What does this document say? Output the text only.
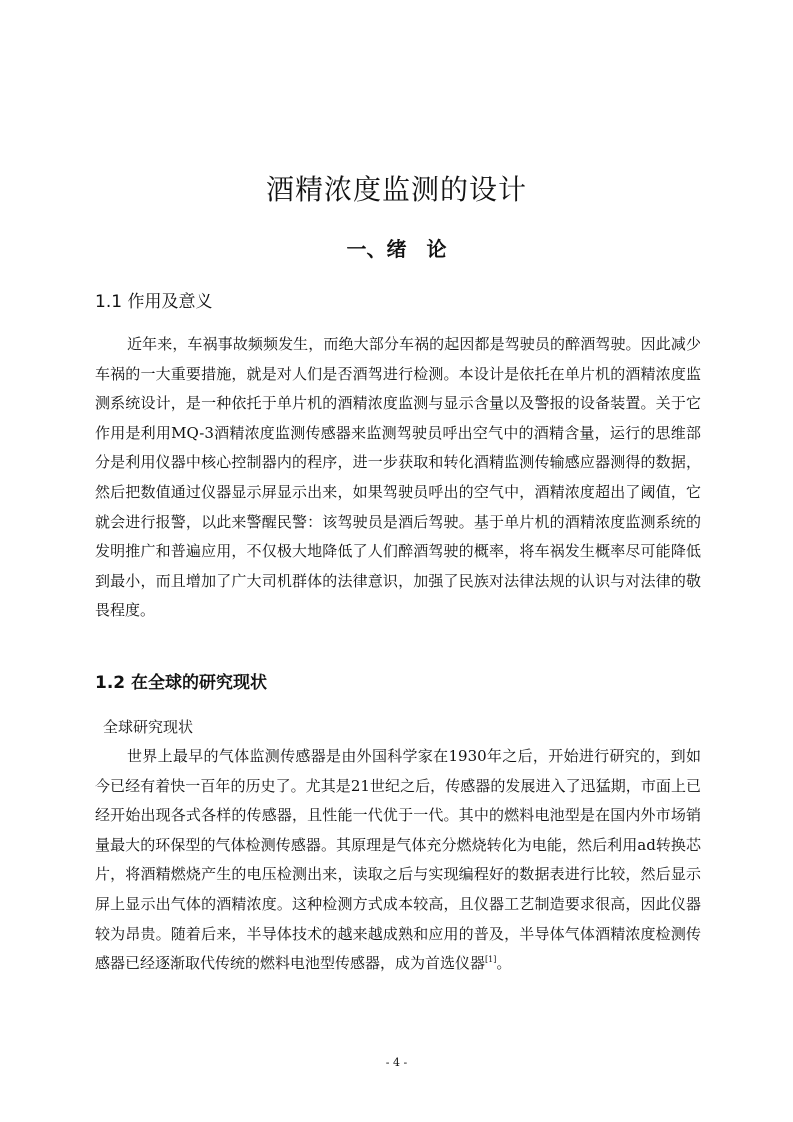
酒精浓度监测的设计
一、绪　论
1.1 作用及意义

近年来，车祸事故频频发生，而绝大部分车祸的起因都是驾驶员的醉酒驾驶。因此减少车祸的一大重要措施，就是对人们是否酒驾进行检测。本设计是依托在单片机的酒精浓度监测系统设计，是一种依托于单片机的酒精浓度监测与显示含量以及警报的设备装置。关于它作用是利用MQ-3酒精浓度监测传感器来监测驾驶员呼出空气中的酒精含量，运行的思维部分是利用仪器中核心控制器内的程序，进一步获取和转化酒精监测传输感应器测得的数据，然后把数值通过仪器显示屏显示出来，如果驾驶员呼出的空气中，酒精浓度超出了阈值，它就会进行报警，以此来警醒民警：该驾驶员是酒后驾驶。基于单片机的酒精浓度监测系统的发明推广和普遍应用，不仅极大地降低了人们醉酒驾驶的概率，将车祸发生概率尽可能降低到最小，而且增加了广大司机群体的法律意识，加强了民族对法律法规的认识与对法律的敬畏程度。

1.2 在全球的研究现状

全球研究现状

世界上最早的气体监测传感器是由外国科学家在1930年之后，开始进行研究的，到如今已经有着快一百年的历史了。尤其是21世纪之后，传感器的发展进入了迅猛期，市面上已经开始出现各式各样的传感器，且性能一代优于一代。其中的燃料电池型是在国内外市场销量最大的环保型的气体检测传感器。其原理是气体充分燃烧转化为电能，然后利用ad转换芯片，将酒精燃烧产生的电压检测出来，读取之后与实现编程好的数据表进行比较，然后显示屏上显示出气体的酒精浓度。这种检测方式成本较高，且仪器工艺制造要求很高，因此仪器较为昂贵。随着后来，半导体技术的越来越成熟和应用的普及，半导体气体酒精浓度检测传感器已经逐渐取代传统的燃料电池型传感器，成为首选仪器[1]。

- 4 -
